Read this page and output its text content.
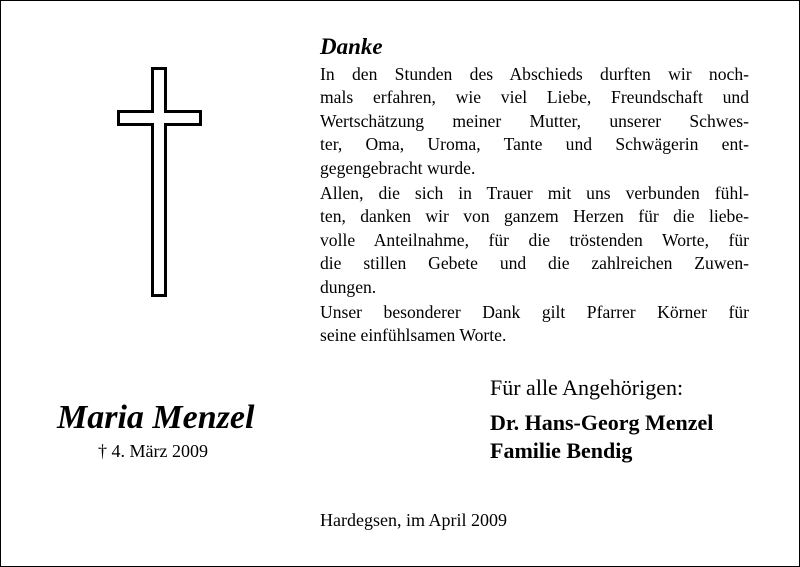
Danke

In den Stunden des Abschieds durften wir noch-
mals erfahren, wie viel Liebe, Freundschaft und
Wertschätzung meiner Mutter, unserer Schwes-
ter, Oma, Uroma, Tante und Schwägerin ent-
gegengebracht wurde.

Allen, die sich in Trauer mit uns verbunden fühl-
ten, danken wir von ganzem Herzen für die liebe-
volle Anteilnahme, für die tröstenden Worte, für
die stillen Gebete und die zahlreichen Zuwen-
dungen.

Unser besonderer Dank gilt Pfarrer Körner für
seine einfühlsamen Worte.

Maria Menzel
† 4. März 2009
Für alle Angehörigen:
Dr. Hans-Georg Menzel
Familie Bendig
Hardegsen, im April 2009
